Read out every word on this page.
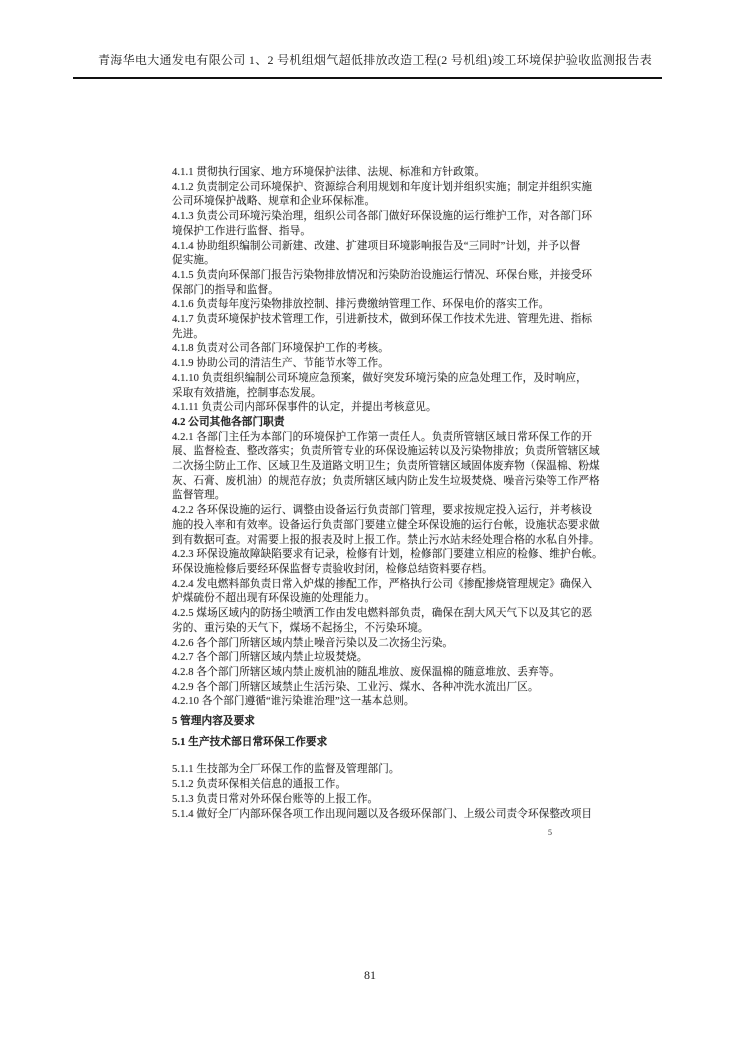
青海华电大通发电有限公司 1、2 号机组烟气超低排放改造工程(2 号机组)竣工环境保护验收监测报告表
4.1.1 贯彻执行国家、地方环境保护法律、法规、标准和方针政策。
4.1.2 负责制定公司环境保护、资源综合利用规划和年度计划并组织实施；制定并组织实施
公司环境保护战略、规章和企业环保标准。
4.1.3 负责公司环境污染治理，组织公司各部门做好环保设施的运行维护工作，对各部门环
境保护工作进行监督、指导。
4.1.4 协助组织编制公司新建、改建、扩建项目环境影响报告及“三同时”计划，并予以督
促实施。
4.1.5 负责向环保部门报告污染物排放情况和污染防治设施运行情况、环保台账，并接受环
保部门的指导和监督。
4.1.6 负责每年度污染物排放控制、排污费缴纳管理工作、环保电价的落实工作。
4.1.7 负责环境保护技术管理工作，引进新技术，做到环保工作技术先进、管理先进、指标
先进。
4.1.8 负责对公司各部门环境保护工作的考核。
4.1.9 协助公司的清洁生产、节能节水等工作。
4.1.10 负责组织编制公司环境应急预案，做好突发环境污染的应急处理工作，及时响应，
采取有效措施，控制事态发展。
4.1.11 负责公司内部环保事件的认定，并提出考核意见。
4.2 公司其他各部门职责
4.2.1 各部门主任为本部门的环境保护工作第一责任人。负责所管辖区域日常环保工作的开
展、监督检查、整改落实；负责所管专业的环保设施运转以及污染物排放；负责所管辖区域
二次扬尘防止工作、区域卫生及道路文明卫生；负责所管辖区域固体废弃物（保温棉、粉煤
灰、石膏、废机油）的规范存放；负责所辖区域内防止发生垃圾焚烧、噪音污染等工作严格
监督管理。
4.2.2 各环保设施的运行、调整由设备运行负责部门管理，要求按规定投入运行，并考核设
施的投入率和有效率。设备运行负责部门要建立健全环保设施的运行台帐，设施状态要求做
到有数据可查。对需要上报的报表及时上报工作。禁止污水站未经处理合格的水私自外排。
4.2.3 环保设施故障缺陷要求有记录，检修有计划，检修部门要建立相应的检修、维护台帐。
环保设施检修后要经环保监督专责验收封闭，检修总结资料要存档。
4.2.4 发电燃料部负责日常入炉煤的掺配工作，严格执行公司《掺配掺烧管理规定》确保入
炉煤硫份不超出现有环保设施的处理能力。
4.2.5 煤场区域内的防扬尘喷洒工作由发电燃料部负责，确保在刮大风天气下以及其它的恶
劣的、重污染的天气下，煤场不起扬尘，不污染环境。
4.2.6 各个部门所辖区域内禁止噪音污染以及二次扬尘污染。
4.2.7 各个部门所辖区域内禁止垃圾焚烧。
4.2.8 各个部门所辖区域内禁止废机油的随乱堆放、废保温棉的随意堆放、丢弃等。
4.2.9 各个部门所辖区域禁止生活污染、工业污、煤水、各种冲洗水流出厂区。
4.2.10 各个部门遵循“谁污染谁治理”这一基本总则。
5 管理内容及要求
5.1 生产技术部日常环保工作要求
5.1.1 生技部为全厂环保工作的监督及管理部门。
5.1.2 负责环保相关信息的通报工作。
5.1.3 负责日常对外环保台账等的上报工作。
5.1.4 做好全厂内部环保各项工作出现问题以及各级环保部门、上级公司责令环保整改项目
5
81
